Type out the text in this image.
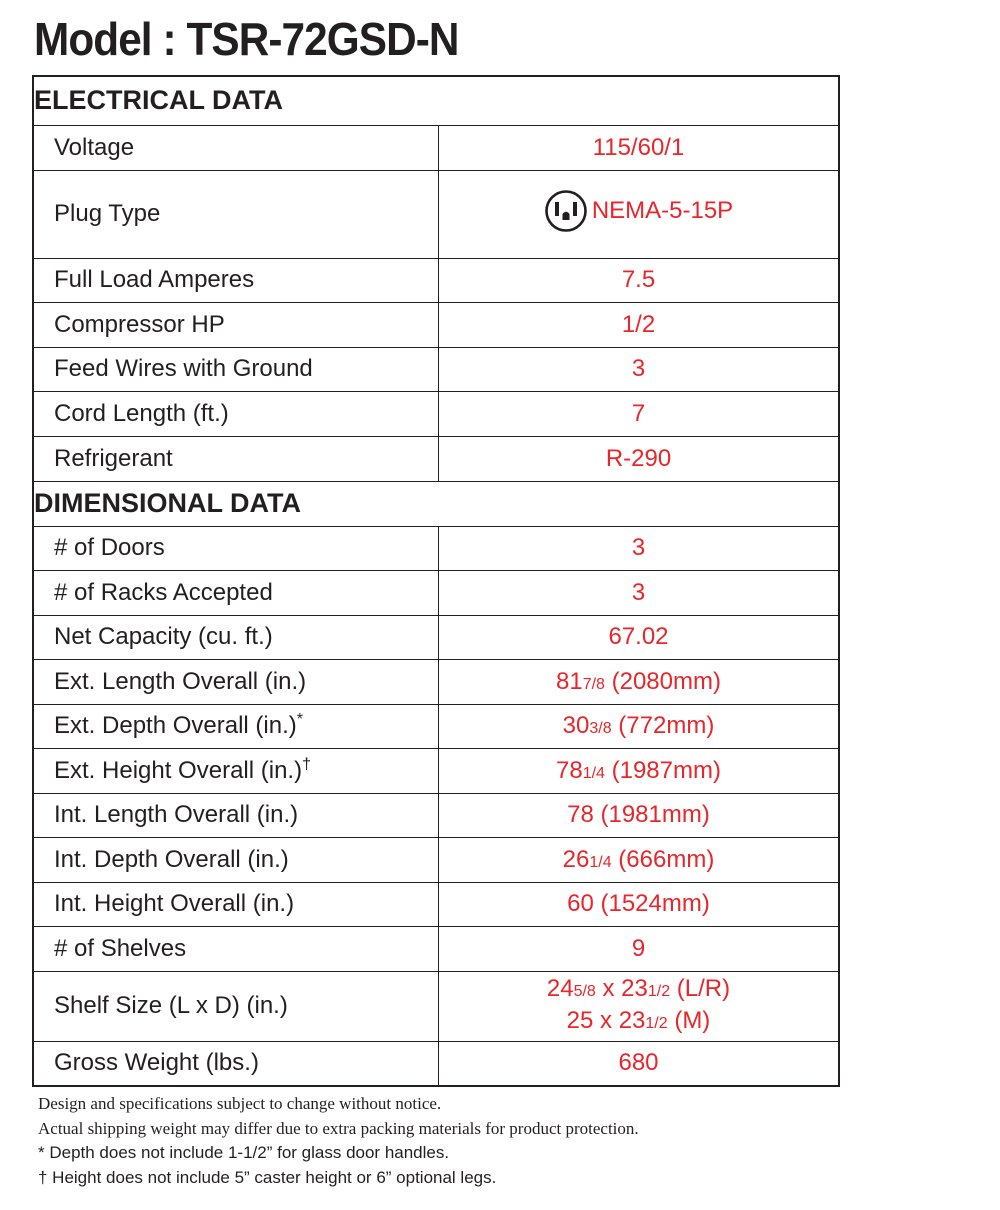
Model : TSR-72GSD-N
ELECTRICAL DATA	
Voltage	115/60/1
Plug Type	NEMA-5-15P

Full Load Amperes	7.5
Compressor HP	1/2
Feed Wires with Ground	3
Cord Length (ft.)	7
Refrigerant	R-290
DIMENSIONAL DATA	
# of Doors	3
# of Racks Accepted	3
Net Capacity (cu. ft.)	67.02
Ext. Length Overall (in.)	817/8 (2080mm)
Ext. Depth Overall (in.)*	303/8 (772mm)
Ext. Height Overall (in.)†	781/4 (1987mm)
Int. Length Overall (in.)	78 (1981mm)
Int. Depth Overall (in.)	261/4 (666mm)
Int. Height Overall (in.)	60 (1524mm)
# of Shelves	9
Shelf Size (L x D) (in.)	245/8 x 231/2 (L/R)
25 x 231/2 (M)

Gross Weight (lbs.)	680
Design and specifications subject to change without notice.
Actual shipping weight may differ due to extra packing materials for product protection.
* Depth does not include 1-1/2” for glass door handles.
† Height does not include 5” caster height or 6” optional legs.
